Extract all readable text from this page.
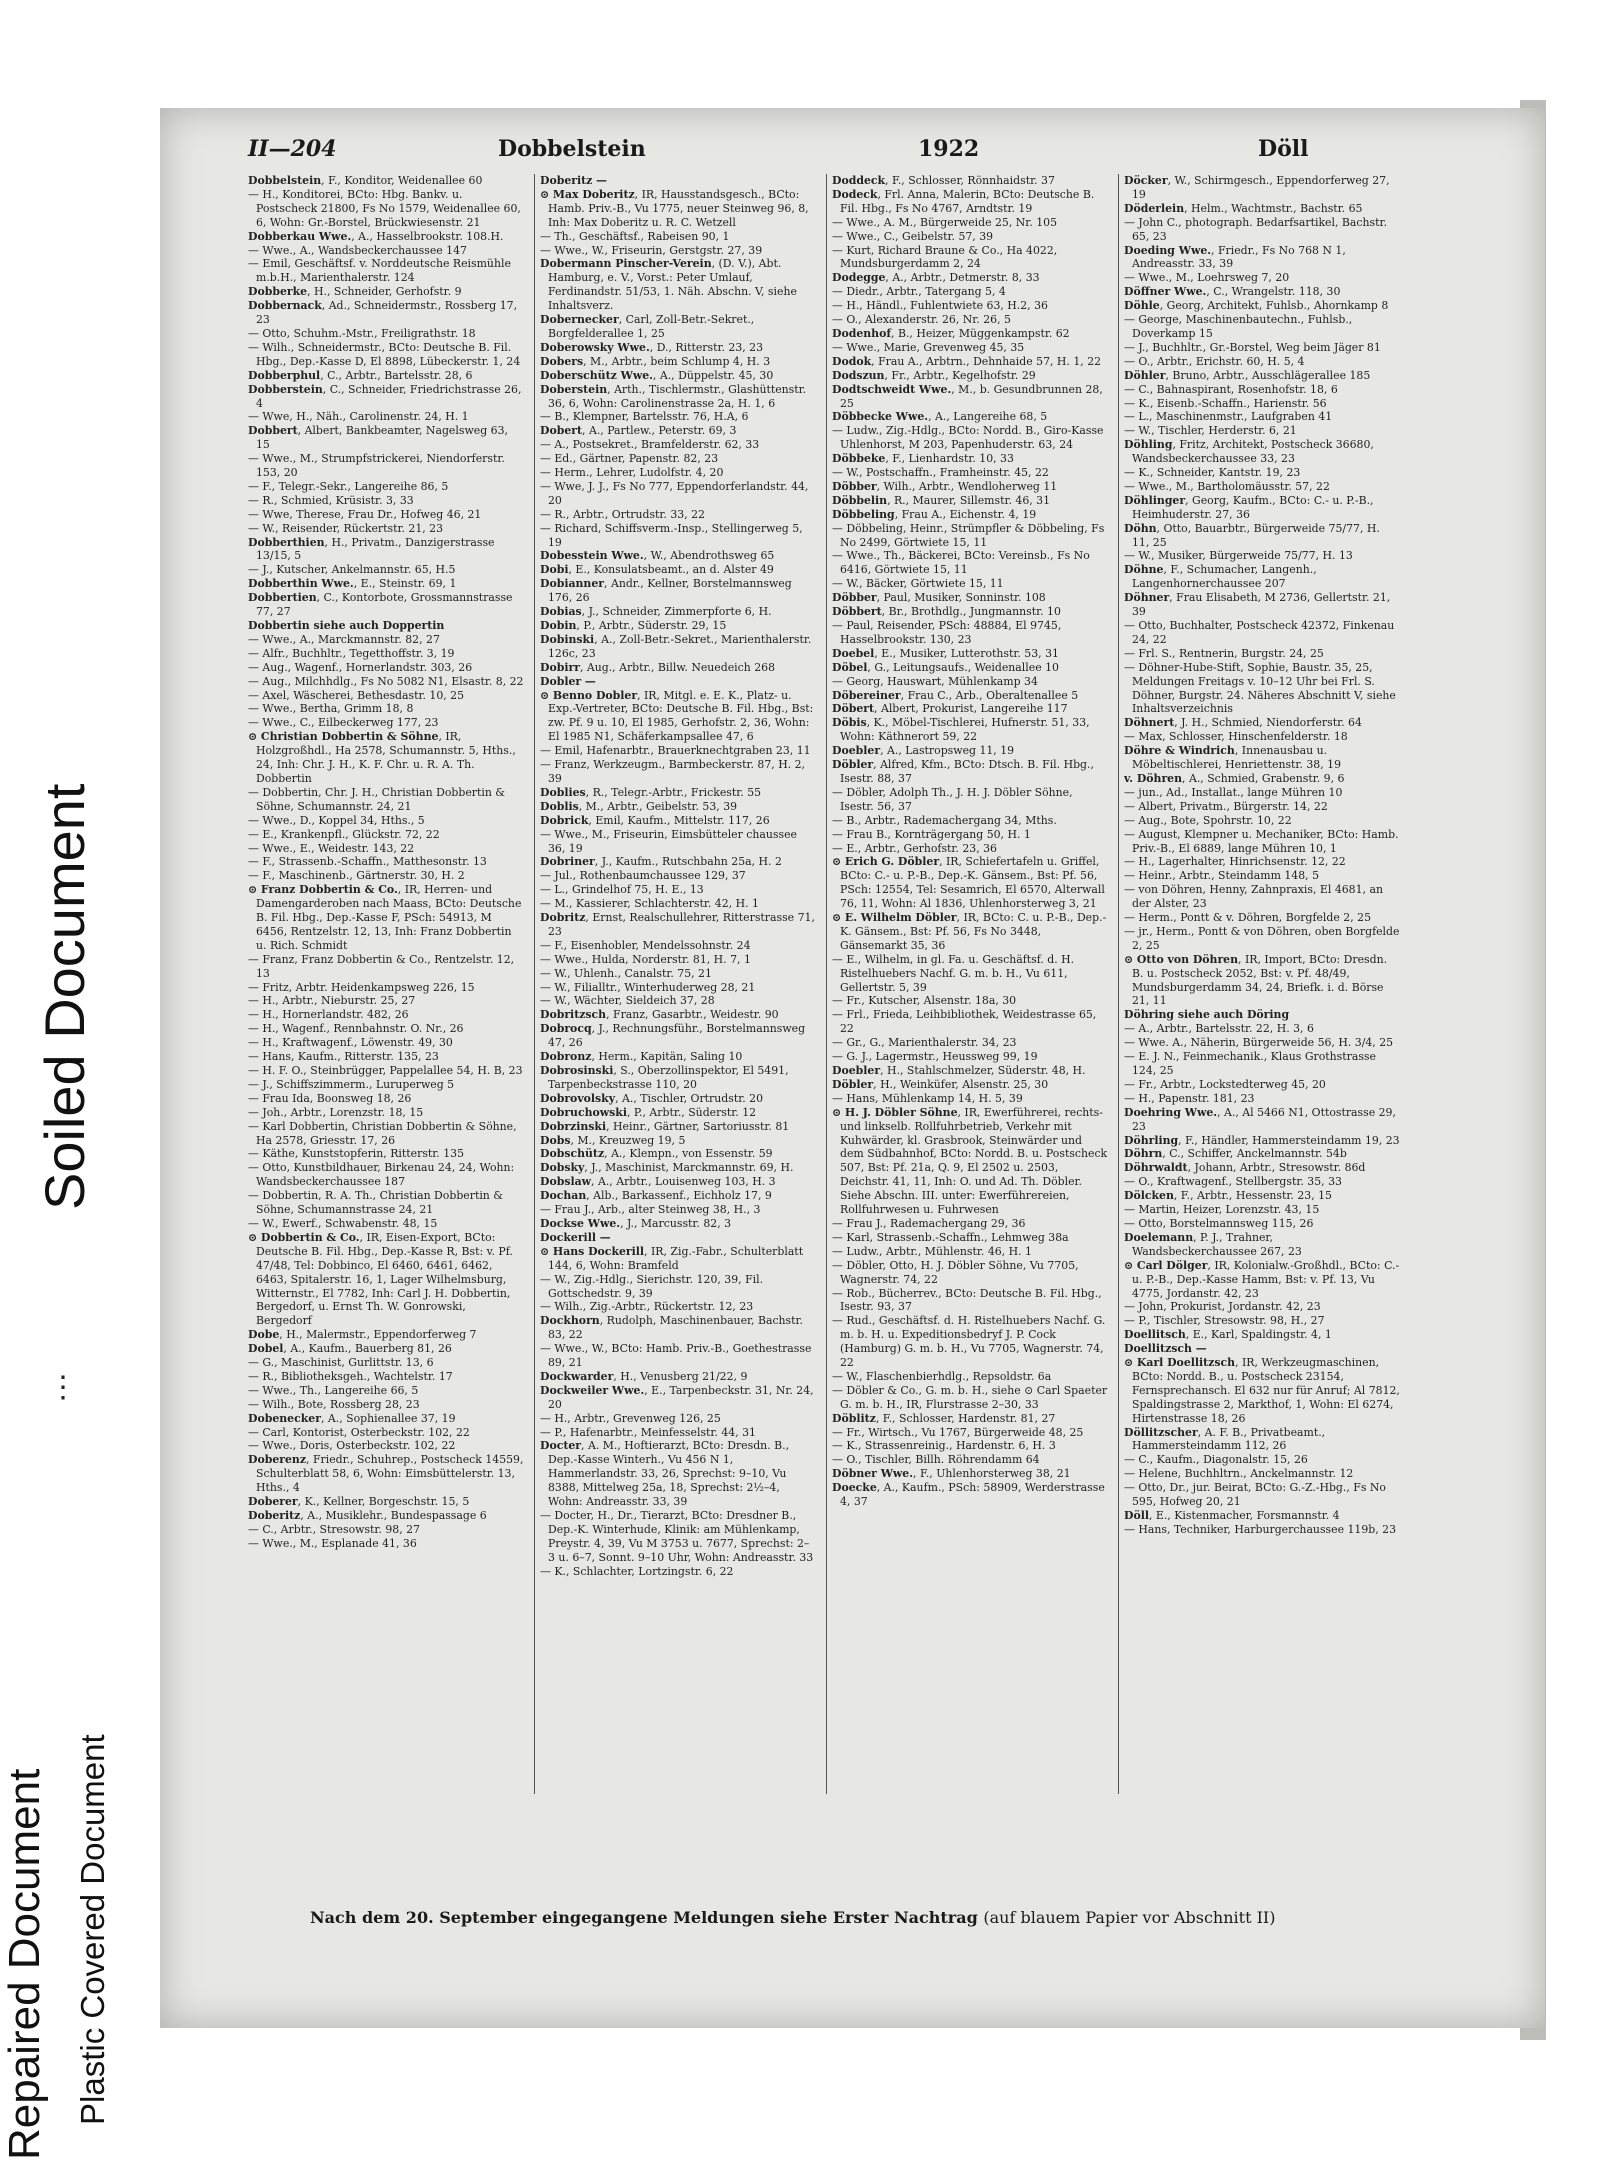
Repaired Document
Soiled Document
Plastic Covered Document
⋮
II—204	Dobbelstein	1922	Döll

Dobbelstein, F., Konditor, Weidenallee 60

— H., Konditorei, BCto: Hbg. Bankv. u. Postscheck 21800, Fs No 1579, Weidenallee 60, 6, Wohn: Gr.-Borstel, Brückwiesenstr. 21

Dobberkau Wwe., A., Hasselbrookstr. 108.H.

— Wwe., A., Wandsbeckerchaussee 147

— Emil, Geschäftsf. v. Norddeutsche Reismühle m.b.H., Marienthalerstr. 124

Dobberke, H., Schneider, Gerhofstr. 9

Dobbernack, Ad., Schneidermstr., Rossberg 17, 23

— Otto, Schuhm.-Mstr., Freiligrathstr. 18

— Wilh., Schneidermstr., BCto: Deutsche B. Fil. Hbg., Dep.-Kasse D, El 8898, Lübeckerstr. 1, 24

Dobberphul, C., Arbtr., Bartelsstr. 28, 6

Dobberstein, C., Schneider, Friedrichstrasse 26, 4

— Wwe, H., Näh., Carolinenstr. 24, H. 1

Dobbert, Albert, Bankbeamter, Nagelsweg 63, 15

— Wwe., M., Strumpfstrickerei, Niendorferstr. 153, 20

— F., Telegr.-Sekr., Langereihe 86, 5

— R., Schmied, Krüsistr. 3, 33

— Wwe, Therese, Frau Dr., Hofweg 46, 21

— W., Reisender, Rückertstr. 21, 23

Dobberthien, H., Privatm., Danzigerstrasse 13/15, 5

— J., Kutscher, Ankelmannstr. 65, H.5

Dobberthin Wwe., E., Steinstr. 69, 1

Dobbertien, C., Kontorbote, Grossmannstrasse 77, 27

Dobbertin siehe auch Doppertin

— Wwe., A., Marckmannstr. 82, 27

— Alfr., Buchhltr., Tegetthoffstr. 3, 19

— Aug., Wagenf., Hornerlandstr. 303, 26

— Aug., Milchhdlg., Fs No 5082 N1, Elsastr. 8, 22

— Axel, Wäscherei, Bethesdastr. 10, 25

— Wwe., Bertha, Grimm 18, 8

— Wwe., C., Eilbeckerweg 177, 23

⊙ Christian Dobbertin & Söhne, IR, Holzgroßhdl., Ha 2578, Schumannstr. 5, Hths., 24, Inh: Chr. J. H., K. F. Chr. u. R. A. Th. Dobbertin

— Dobbertin, Chr. J. H., Christian Dobbertin & Söhne, Schumannstr. 24, 21

— Wwe., D., Koppel 34, Hths., 5

— E., Krankenpfl., Glückstr. 72, 22

— Wwe., E., Weidestr. 143, 22

— F., Strassenb.-Schaffn., Matthesonstr. 13

— F., Maschinenb., Gärtnerstr. 30, H. 2

⊙ Franz Dobbertin & Co., IR, Herren- und Damengarderoben nach Maass, BCto: Deutsche B. Fil. Hbg., Dep.-Kasse F, PSch: 54913, M 6456, Rentzelstr. 12, 13, Inh: Franz Dobbertin u. Rich. Schmidt

— Franz, Franz Dobbertin & Co., Rentzelstr. 12, 13

— Fritz, Arbtr. Heidenkampsweg 226, 15

— H., Arbtr., Nieburstr. 25, 27

— H., Hornerlandstr. 482, 26

— H., Wagenf., Rennbahnstr. O. Nr., 26

— H., Kraftwagenf., Löwenstr. 49, 30

— Hans, Kaufm., Ritterstr. 135, 23

— H. F. O., Steinbrügger, Pappelallee 54, H. B, 23

— J., Schiffszimmerm., Luruperweg 5

— Frau Ida, Boonsweg 18, 26

— Joh., Arbtr., Lorenzstr. 18, 15

— Karl Dobbertin, Christian Dobbertin & Söhne, Ha 2578, Griesstr. 17, 26

— Käthe, Kunststopferin, Ritterstr. 135

— Otto, Kunstbildhauer, Birkenau 24, 24, Wohn: Wandsbeckerchaussee 187

— Dobbertin, R. A. Th., Christian Dobbertin & Söhne, Schumannstrasse 24, 21

— W., Ewerf., Schwabenstr. 48, 15

⊙ Dobbertin & Co., IR, Eisen-Export, BCto: Deutsche B. Fil. Hbg., Dep.-Kasse R, Bst: v. Pf. 47/48, Tel: Dobbinco, El 6460, 6461, 6462, 6463, Spitalerstr. 16, 1, Lager Wilhelmsburg, Witternstr., El 7782, Inh: Carl J. H. Dobbertin, Bergedorf, u. Ernst Th. W. Gonrowski, Bergedorf

Dobe, H., Malermstr., Eppendorferweg 7

Dobel, A., Kaufm., Bauerberg 81, 26

— G., Maschinist, Gurlittstr. 13, 6

— R., Bibliotheksgeh., Wachtelstr. 17

— Wwe., Th., Langereihe 66, 5

— Wilh., Bote, Rossberg 28, 23

Dobenecker, A., Sophienallee 37, 19

— Carl, Kontorist, Osterbeckstr. 102, 22

— Wwe., Doris, Osterbeckstr. 102, 22

Doberenz, Friedr., Schuhrep., Postscheck 14559, Schulterblatt 58, 6, Wohn: Eimsbüttelerstr. 13, Hths., 4

Doberer, K., Kellner, Borgeschstr. 15, 5

Doberitz, A., Musiklehr., Bundespassage 6

— C., Arbtr., Stresowstr. 98, 27

— Wwe., M., Esplanade 41, 36

Doberitz —

⊙ Max Doberitz, IR, Hausstandsgesch., BCto: Hamb. Priv.-B., Vu 1775, neuer Steinweg 96, 8, Inh: Max Doberitz u. R. C. Wetzell

— Th., Geschäftsf., Rabeisen 90, 1

— Wwe., W., Friseurin, Gerstgstr. 27, 39

Dobermann Pinscher-Verein, (D. V.), Abt. Hamburg, e. V., Vorst.: Peter Umlauf, Ferdinandstr. 51/53, 1. Näh. Abschn. V, siehe Inhaltsverz.

Dobernecker, Carl, Zoll-Betr.-Sekret., Borgfelderallee 1, 25

Doberowsky Wwe., D., Ritterstr. 23, 23

Dobers, M., Arbtr., beim Schlump 4, H. 3

Doberschütz Wwe., A., Düppelstr. 45, 30

Doberstein, Arth., Tischlermstr., Glashüttenstr. 36, 6, Wohn: Carolinenstrasse 2a, H. 1, 6

— B., Klempner, Bartelsstr. 76, H.A, 6

Dobert, A., Partlew., Peterstr. 69, 3

— A., Postsekret., Bramfelderstr. 62, 33

— Ed., Gärtner, Papenstr. 82, 23

— Herm., Lehrer, Ludolfstr. 4, 20

— Wwe, J. J., Fs No 777, Eppendorferlandstr. 44, 20

— R., Arbtr., Ortrudstr. 33, 22

— Richard, Schiffsverm.-Insp., Stellingerweg 5, 19

Dobesstein Wwe., W., Abendrothsweg 65

Dobi, E., Konsulatsbeamt., an d. Alster 49

Dobianner, Andr., Kellner, Borstelmannsweg 176, 26

Dobias, J., Schneider, Zimmerpforte 6, H.

Dobin, P., Arbtr., Süderstr. 29, 15

Dobinski, A., Zoll-Betr.-Sekret., Marienthalerstr. 126c, 23

Dobirr, Aug., Arbtr., Billw. Neuedeich 268

Dobler —

⊙ Benno Dobler, IR, Mitgl. e. E. K., Platz- u. Exp.-Vertreter, BCto: Deutsche B. Fil. Hbg., Bst: zw. Pf. 9 u. 10, El 1985, Gerhofstr. 2, 36, Wohn: El 1985 N1, Schäferkampsallee 47, 6

— Emil, Hafenarbtr., Brauerknechtgraben 23, 11

— Franz, Werkzeugm., Barmbeckerstr. 87, H. 2, 39

Doblies, R., Telegr.-Arbtr., Frickestr. 55

Doblis, M., Arbtr., Geibelstr. 53, 39

Dobrick, Emil, Kaufm., Mittelstr. 117, 26

— Wwe., M., Friseurin, Eimsbütteler chaussee 36, 19

Dobriner, J., Kaufm., Rutschbahn 25a, H. 2

— Jul., Rothenbaumchaussee 129, 37

— L., Grindelhof 75, H. E., 13

— M., Kassierer, Schlachterstr. 42, H. 1

Dobritz, Ernst, Realschullehrer, Ritterstrasse 71, 23

— F., Eisenhobler, Mendelssohnstr. 24

— Wwe., Hulda, Norderstr. 81, H. 7, 1

— W., Uhlenh., Canalstr. 75, 21

— W., Filialltr., Winterhuderweg 28, 21

— W., Wächter, Sieldeich 37, 28

Dobritzsch, Franz, Gasarbtr., Weidestr. 90

Dobrocq, J., Rechnungsführ., Borstelmannsweg 47, 26

Dobronz, Herm., Kapitän, Saling 10

Dobrosinski, S., Oberzollinspektor, El 5491, Tarpenbeckstrasse 110, 20

Dobrovolsky, A., Tischler, Ortrudstr. 20

Dobruchowski, P., Arbtr., Süderstr. 12

Dobrzinski, Heinr., Gärtner, Sartoriusstr. 81

Dobs, M., Kreuzweg 19, 5

Dobschütz, A., Klempn., von Essenstr. 59

Dobsky, J., Maschinist, Marckmannstr. 69, H.

Dobslaw, A., Arbtr., Louisenweg 103, H. 3

Dochan, Alb., Barkassenf., Eichholz 17, 9

— Frau J., Arb., alter Steinweg 38, H., 3

Dockse Wwe., J., Marcusstr. 82, 3

Dockerill —

⊙ Hans Dockerill, IR, Zig.-Fabr., Schulterblatt 144, 6, Wohn: Bramfeld

— W., Zig.-Hdlg., Sierichstr. 120, 39, Fil. Gottschedstr. 9, 39

— Wilh., Zig.-Arbtr., Rückertstr. 12, 23

Dockhorn, Rudolph, Maschinenbauer, Bachstr. 83, 22

— Wwe., W., BCto: Hamb. Priv.-B., Goethestrasse 89, 21

Dockwarder, H., Venusberg 21/22, 9

Dockweiler Wwe., E., Tarpenbeckstr. 31, Nr. 24, 20

— H., Arbtr., Grevenweg 126, 25

— P., Hafenarbtr., Meinfesselstr. 44, 31

Docter, A. M., Hoftierarzt, BCto: Dresdn. B., Dep.-Kasse Winterh., Vu 456 N 1, Hammerlandstr. 33, 26, Sprechst: 9–10, Vu 8388, Mittelweg 25a, 18, Sprechst: 2½–4, Wohn: Andreasstr. 33, 39

— Docter, H., Dr., Tierarzt, BCto: Dresdner B., Dep.-K. Winterhude, Klinik: am Mühlenkamp, Preystr. 4, 39, Vu M 3753 u. 7677, Sprechst: 2–3 u. 6–7, Sonnt. 9–10 Uhr, Wohn: Andreasstr. 33

— K., Schlachter, Lortzingstr. 6, 22

Doddeck, F., Schlosser, Rönnhaidstr. 37

Dodeck, Frl. Anna, Malerin, BCto: Deutsche B. Fil. Hbg., Fs No 4767, Arndtstr. 19

— Wwe., A. M., Bürgerweide 25, Nr. 105

— Wwe., C., Geibelstr. 57, 39

— Kurt, Richard Braune & Co., Ha 4022, Mundsburgerdamm 2, 24

Dodegge, A., Arbtr., Detmerstr. 8, 33

— Diedr., Arbtr., Tatergang 5, 4

— H., Händl., Fuhlentwiete 63, H.2, 36

— O., Alexanderstr. 26, Nr. 26, 5

Dodenhof, B., Heizer, Müggenkampstr. 62

— Wwe., Marie, Grevenweg 45, 35

Dodok, Frau A., Arbtrn., Dehnhaide 57, H. 1, 22

Dodszun, Fr., Arbtr., Kegelhofstr. 29

Dodtschweidt Wwe., M., b. Gesundbrunnen 28, 25

Döbbecke Wwe., A., Langereihe 68, 5

— Ludw., Zig.-Hdlg., BCto: Nordd. B., Giro-Kasse Uhlenhorst, M 203, Papenhuderstr. 63, 24

Döbbeke, F., Lienhardstr. 10, 33

— W., Postschaffn., Framheinstr. 45, 22

Döbber, Wilh., Arbtr., Wendloherweg 11

Döbbelin, R., Maurer, Sillemstr. 46, 31

Döbbeling, Frau A., Eichenstr. 4, 19

— Döbbeling, Heinr., Strümpfler & Döbbeling, Fs No 2499, Görtwiete 15, 11

— Wwe., Th., Bäckerei, BCto: Vereinsb., Fs No 6416, Görtwiete 15, 11

— W., Bäcker, Görtwiete 15, 11

Döbber, Paul, Musiker, Sonninstr. 108

Döbbert, Br., Brothdlg., Jungmannstr. 10

— Paul, Reisender, PSch: 48884, El 9745, Hasselbrookstr. 130, 23

Doebel, E., Musiker, Lutterothstr. 53, 31

Döbel, G., Leitungsaufs., Weidenallee 10

— Georg, Hauswart, Mühlenkamp 34

Döbereiner, Frau C., Arb., Oberaltenallee 5

Döbert, Albert, Prokurist, Langereihe 117

Döbis, K., Möbel-Tischlerei, Hufnerstr. 51, 33, Wohn: Käthnerort 59, 22

Doebler, A., Lastropsweg 11, 19

Döbler, Alfred, Kfm., BCto: Dtsch. B. Fil. Hbg., Isestr. 88, 37

— Döbler, Adolph Th., J. H. J. Döbler Söhne, Isestr. 56, 37

— B., Arbtr., Rademachergang 34, Mths.

— Frau B., Kornträgergang 50, H. 1

— E., Arbtr., Gerhofstr. 23, 36

⊙ Erich G. Döbler, IR, Schiefertafeln u. Griffel, BCto: C.- u. P.-B., Dep.-K. Gänsem., Bst: Pf. 56, PSch: 12554, Tel: Sesamrich, El 6570, Alterwall 76, 11, Wohn: Al 1836, Uhlenhorsterweg 3, 21

⊙ E. Wilhelm Döbler, IR, BCto: C. u. P.-B., Dep.-K. Gänsem., Bst: Pf. 56, Fs No 3448, Gänsemarkt 35, 36

— E., Wilhelm, in gl. Fa. u. Geschäftsf. d. H. Ristelhuebers Nachf. G. m. b. H., Vu 611, Gellertstr. 5, 39

— Fr., Kutscher, Alsenstr. 18a, 30

— Frl., Frieda, Leihbibliothek, Weidestrasse 65, 22

— Gr., G., Marienthalerstr. 34, 23

— G. J., Lagermstr., Heussweg 99, 19

Doebler, H., Stahlschmelzer, Süderstr. 48, H.

Döbler, H., Weinküfer, Alsenstr. 25, 30

— Hans, Mühlenkamp 14, H. 5, 39

⊙ H. J. Döbler Söhne, IR, Ewerführerei, rechts- und linkselb. Rollfuhrbetrieb, Verkehr mit Kuhwärder, kl. Grasbrook, Steinwärder und dem Südbahnhof, BCto: Nordd. B. u. Postscheck 507, Bst: Pf. 21a, Q. 9, El 2502 u. 2503, Deichstr. 41, 11, Inh: O. und Ad. Th. Döbler. Siehe Abschn. III. unter: Ewerführereien, Rollfuhrwesen u. Fuhrwesen

— Frau J., Rademachergang 29, 36

— Karl, Strassenb.-Schaffn., Lehmweg 38a

— Ludw., Arbtr., Mühlenstr. 46, H. 1

— Döbler, Otto, H. J. Döbler Söhne, Vu 7705, Wagnerstr. 74, 22

— Rob., Bücherrev., BCto: Deutsche B. Fil. Hbg., Isestr. 93, 37

— Rud., Geschäftsf. d. H. Ristelhuebers Nachf. G. m. b. H. u. Expeditionsbedryf J. P. Cock (Hamburg) G. m. b. H., Vu 7705, Wagnerstr. 74, 22

— W., Flaschenbierhdlg., Repsoldstr. 6a

— Döbler & Co., G. m. b. H., siehe ⊙ Carl Spaeter G. m. b. H., IR, Flurstrasse 2–30, 33

Döblitz, F., Schlosser, Hardenstr. 81, 27

— Fr., Wirtsch., Vu 1767, Bürgerweide 48, 25

— K., Strassenreinig., Hardenstr. 6, H. 3

— O., Tischler, Billh. Röhrendamm 64

Döbner Wwe., F., Uhlenhorsterweg 38, 21

Doecke, A., Kaufm., PSch: 58909, Werderstrasse 4, 37

Döcker, W., Schirmgesch., Eppendorferweg 27, 19

Döderlein, Helm., Wachtmstr., Bachstr. 65

— John C., photograph. Bedarfsartikel, Bachstr. 65, 23

Doeding Wwe., Friedr., Fs No 768 N 1, Andreasstr. 33, 39

— Wwe., M., Loehrsweg 7, 20

Döffner Wwe., C., Wrangelstr. 118, 30

Döhle, Georg, Architekt, Fuhlsb., Ahornkamp 8

— George, Maschinenbautechn., Fuhlsb., Doverkamp 15

— J., Buchhltr., Gr.-Borstel, Weg beim Jäger 81

— O., Arbtr., Erichstr. 60, H. 5, 4

Döhler, Bruno, Arbtr., Ausschlägerallee 185

— C., Bahnaspirant, Rosenhofstr. 18, 6

— K., Eisenb.-Schaffn., Harienstr. 56

— L., Maschinenmstr., Laufgraben 41

— W., Tischler, Herderstr. 6, 21

Döhling, Fritz, Architekt, Postscheck 36680, Wandsbeckerchaussee 33, 23

— K., Schneider, Kantstr. 19, 23

— Wwe., M., Bartholomäusstr. 57, 22

Döhlinger, Georg, Kaufm., BCto: C.- u. P.-B., Heimhuderstr. 27, 36

Döhn, Otto, Bauarbtr., Bürgerweide 75/77, H. 11, 25

— W., Musiker, Bürgerweide 75/77, H. 13

Döhne, F., Schumacher, Langenh., Langenhornerchaussee 207

Döhner, Frau Elisabeth, M 2736, Gellertstr. 21, 39

— Otto, Buchhalter, Postscheck 42372, Finkenau 24, 22

— Frl. S., Rentnerin, Burgstr. 24, 25

— Döhner-Hube-Stift, Sophie, Baustr. 35, 25, Meldungen Freitags v. 10–12 Uhr bei Frl. S. Döhner, Burgstr. 24. Näheres Abschnitt V, siehe Inhaltsverzeichnis

Döhnert, J. H., Schmied, Niendorferstr. 64

— Max, Schlosser, Hinschenfelderstr. 18

Döhre & Windrich, Innenausbau u. Möbeltischlerei, Henriettenstr. 38, 19

v. Döhren, A., Schmied, Grabenstr. 9, 6

— jun., Ad., Installat., lange Mühren 10

— Albert, Privatm., Bürgerstr. 14, 22

— Aug., Bote, Spohrstr. 10, 22

— August, Klempner u. Mechaniker, BCto: Hamb. Priv.-B., El 6889, lange Mühren 10, 1

— H., Lagerhalter, Hinrichsenstr. 12, 22

— Heinr., Arbtr., Steindamm 148, 5

— von Döhren, Henny, Zahnpraxis, El 4681, an der Alster, 23

— Herm., Pontt & v. Döhren, Borgfelde 2, 25

— jr., Herm., Pontt & von Döhren, oben Borgfelde 2, 25

⊙ Otto von Döhren, IR, Import, BCto: Dresdn. B. u. Postscheck 2052, Bst: v. Pf. 48/49, Mundsburgerdamm 34, 24, Briefk. i. d. Börse 21, 11

Döhring siehe auch Döring

— A., Arbtr., Bartelsstr. 22, H. 3, 6

— Wwe. A., Näherin, Bürgerweide 56, H. 3/4, 25

— E. J. N., Feinmechanik., Klaus Grothstrasse 124, 25

— Fr., Arbtr., Lockstedterweg 45, 20

— H., Papenstr. 181, 23

Doehring Wwe., A., Al 5466 N1, Ottostrasse 29, 23

Döhrling, F., Händler, Hammersteindamm 19, 23

Döhrn, C., Schiffer, Anckelmannstr. 54b

Döhrwaldt, Johann, Arbtr., Stresowstr. 86d

— O., Kraftwagenf., Stellbergstr. 35, 33

Dölcken, F., Arbtr., Hessenstr. 23, 15

— Martin, Heizer, Lorenzstr. 43, 15

— Otto, Borstelmannsweg 115, 26

Doelemann, P. J., Trahner, Wandsbeckerchaussee 267, 23

⊙ Carl Dölger, IR, Kolonialw.-Großhdl., BCto: C.- u. P.-B., Dep.-Kasse Hamm, Bst: v. Pf. 13, Vu 4775, Jordanstr. 42, 23

— John, Prokurist, Jordanstr. 42, 23

— P., Tischler, Stresowstr. 98, H., 27

Doellitsch, E., Karl, Spaldingstr. 4, 1

Doellitzsch —

⊙ Karl Doellitzsch, IR, Werkzeugmaschinen, BCto: Nordd. B., u. Postscheck 23154, Fernsprechansch. El 632 nur für Anruf; Al 7812, Spaldingstrasse 2, Markthof, 1, Wohn: El 6274, Hirtenstrasse 18, 26

Döllitzscher, A. F. B., Privatbeamt., Hammersteindamm 112, 26

— C., Kaufm., Diagonalstr. 15, 26

— Helene, Buchhltrn., Anckelmannstr. 12

— Otto, Dr., jur. Beirat, BCto: G.-Z.-Hbg., Fs No 595, Hofweg 20, 21

Döll, E., Kistenmacher, Forsmannstr. 4

— Hans, Techniker, Harburgerchaussee 119b, 23

Nach dem 20. September eingegangene Meldungen siehe Erster Nachtrag (auf blauem Papier vor Abschnitt II)
